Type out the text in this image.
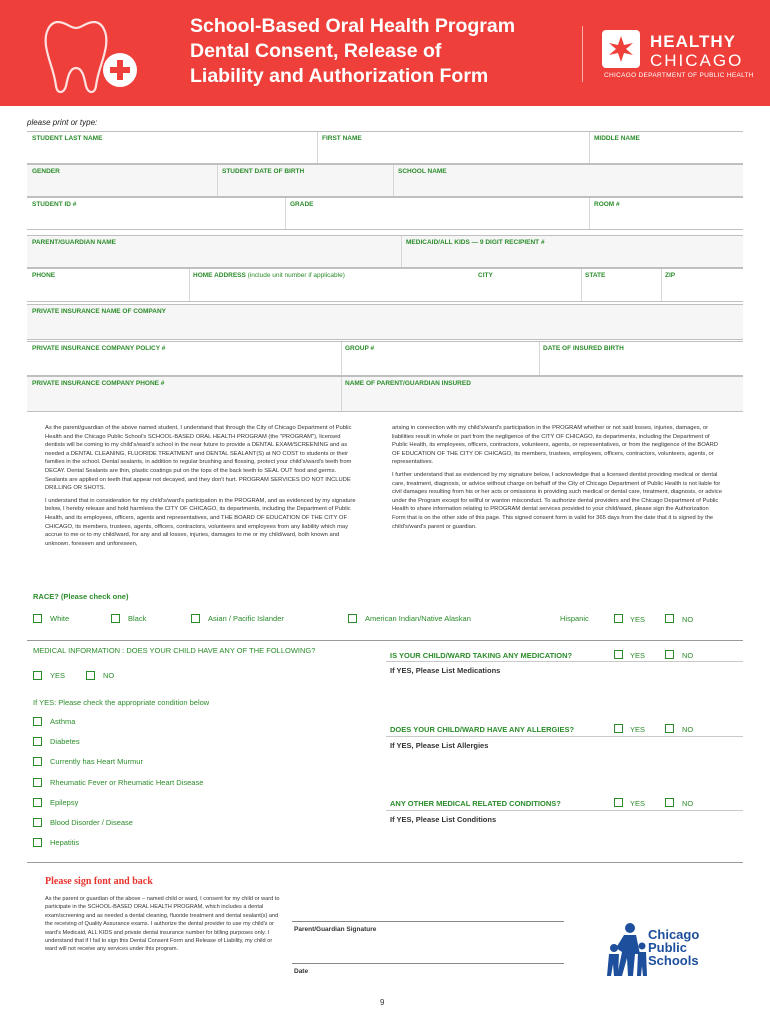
School-Based Oral Health Program
Dental Consent, Release of
Liability and Authorization Form
HEALTHY
CHICAGO
CHICAGO DEPARTMENT OF PUBLIC HEALTH
please print or type:
STUDENT LAST NAME	FIRST NAME	MIDDLE NAME
GENDER	STUDENT DATE OF BIRTH	SCHOOL NAME
STUDENT ID #	GRADE	ROOM #
PARENT/GUARDIAN NAME	MEDICAID/ALL KIDS — 9 DIGIT RECIPIENT #
PHONE	HOME ADDRESS (include unit number if applicable)	CITY	STATE	ZIP
PRIVATE INSURANCE NAME OF COMPANY
PRIVATE INSURANCE COMPANY POLICY #	GROUP #	DATE OF INSURED BIRTH
PRIVATE INSURANCE COMPANY PHONE #	NAME OF PARENT/GUARDIAN INSURED

As the parent/guardian of the above named student, I understand that through the City of Chicago Department of Public Health and the Chicago Public School's SCHOOL-BASED ORAL HEALTH PROGRAM (the "PROGRAM"), licensed dentists will be coming to my child's/ward's school in the near future to provide a DENTAL EXAM/SCREENING and as needed a DENTAL CLEANING, FLUORIDE TREATMENT and DENTAL SEALANT(S) at NO COST to students or their families in the school. Dental sealants, in addition to regular brushing and flossing, protect your child's/ward's teeth from DECAY. Dental Sealants are thin, plastic coatings put on the tops of the back teeth to SEAL OUT food and germs. Sealants are applied on teeth that appear not decayed, and they don't hurt. PROGRAM SERVICES DO NOT INCLUDE DRILLING OR SHOTS.

I understand that in consideration for my child's/ward's participation in the PROGRAM, and as evidenced by my signature below, I hereby release and hold harmless the CITY OF CHICAGO, its departments, including the Department of Public Health, and its employees, officers, agents and representatives, and THE BOARD OF EDUCATION OF THE CITY OF CHICAGO, its members, trustees, agents, officers, contractors, volunteers and employees from any liability which may accrue to me or to my child/ward, for any and all losses, injuries, damages to me or my child/ward, both known and unknown, foreseen and unforeseen,

arising in connection with my child's/ward's participation in the PROGRAM whether or not said losses, injuries, damages, or liabilities result in whole or part from the negligence of the CITY OF CHICAGO, its departments, including the Department of Public Health, its employees, officers, contractors, volunteers, agents, or representatives, or from the negligence of the BOARD OF EDUCATION OF THE CITY OF CHICAGO, its members, trustees, employees, officers, contractors, volunteers, agents, or representatives.

I further understand that as evidenced by my signature below, I acknowledge that a licensed dentist providing medical or dental care, treatment, diagnosis, or advice without charge on behalf of the City of Chicago Department of Public Health is not liable for civil damages resulting from his or her acts or omissions in providing such medical or dental care, treatment, diagnosis, or advice under the Program except for willful or wanton misconduct. To authorize dental providers and the Chicago Department of Public Health to share information relating to PROGRAM dental services provided to your child/ward, please sign the Authorization Form that is on the other side of this page. This signed consent form is valid for 365 days from the date that it is signed by the child's/ward's parent or guardian.

RACE? (Please check one)
White	Black	Asian / Pacific Islander	American Indian/Native Alaskan	Hispanic	YES	NO
MEDICAL INFORMATION : DOES YOUR CHILD HAVE ANY OF THE FOLLOWING?
YES	NO
If YES: Please check the appropriate condition below
Asthma
Diabetes
Currently has Heart Murmur
Rheumatic Fever or Rheumatic Heart Disease
Epilepsy
Blood Disorder / Disease
Hepatitis
IS YOUR CHILD/WARD TAKING ANY MEDICATION?	YES	NO
If YES, Please List Medications
DOES YOUR CHILD/WARD HAVE ANY ALLERGIES?	YES	NO
If YES, Please List Allergies
ANY OTHER MEDICAL RELATED CONDITIONS?	YES	NO
If YES, Please List Conditions
Please sign font and back
As the parent or guardian of the above – named child or ward, I consent for my child or ward to participate in the SCHOOL-BASED ORAL HEALTH PROGRAM, which includes a dental exam/screening and as needed a dental cleaning, fluoride treatment and dental sealant(s) and the receiving of Quality Assurance exams. I authorize the dental provider to use my child's or ward's Medicaid, ALL KIDS and private dental insurance number for billing purposes only. I understand that if I fail to sign this Dental Consent Form and Release of Liability, my child or ward will not receive any services under this program.
Parent/Guardian Signature
Date
Chicago
Public
Schools
9
